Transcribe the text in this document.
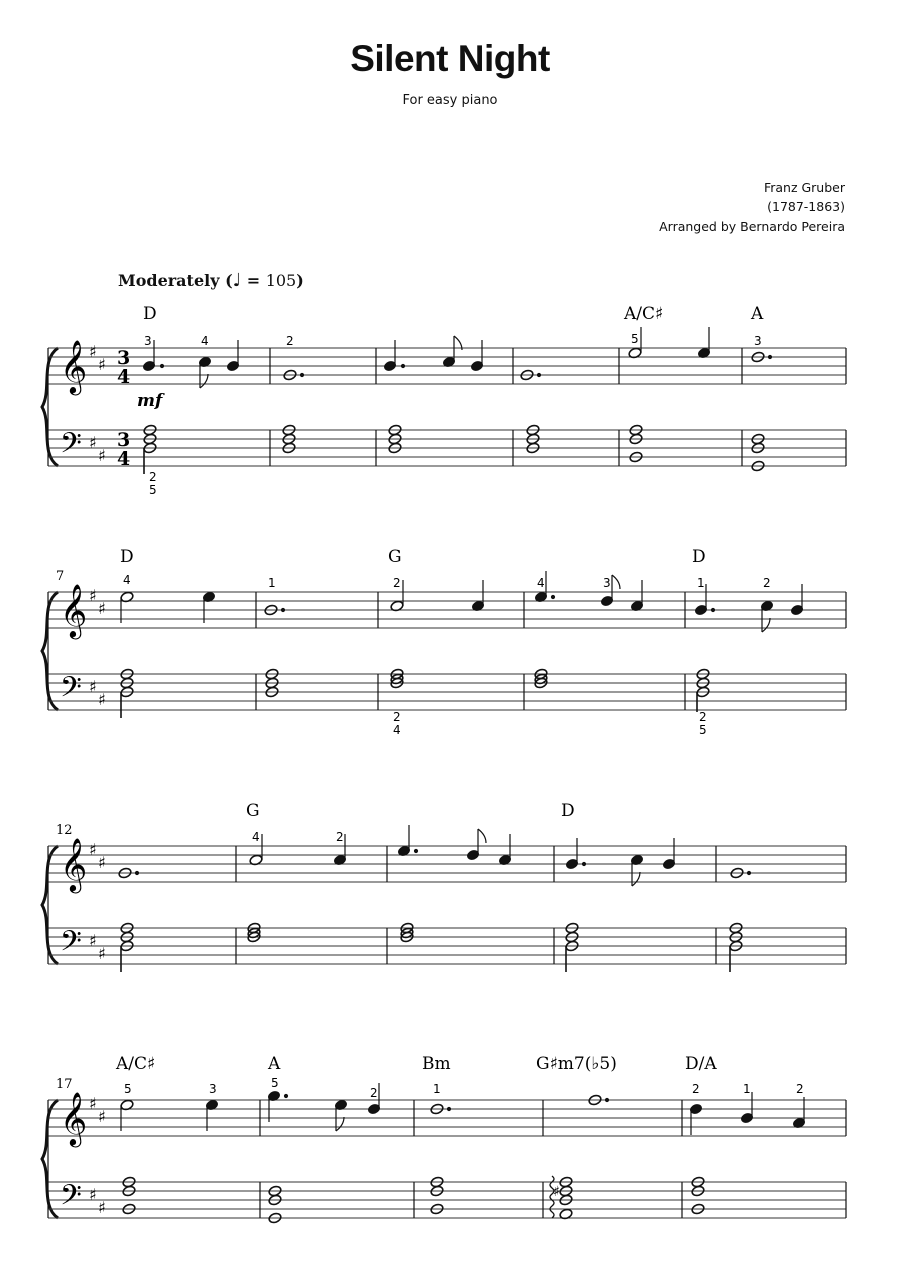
Silent Night
For easy piano
Franz Gruber
(1787-1863)
Arranged by Bernardo Pereira
Moderately (♩ = 105)
𝄞
𝄢
♯
♯
♯
♯
3
4
3
4
D	A/C♯	A
3	4	2	5	3
2
5
mf
7
𝄞
𝄢
♯
♯
♯
♯
D	G	D
4	1	2	4	3	1	2
2
4
2
5
12
𝄞
𝄢
♯
♯
♯
♯
G	D
4	2
17
𝄞
𝄢
♯
♯
♯
♯
A/C♯	A	Bm	G♯m7(♭5)	D/A
5	3	5
2	1	2	1	2
♯
